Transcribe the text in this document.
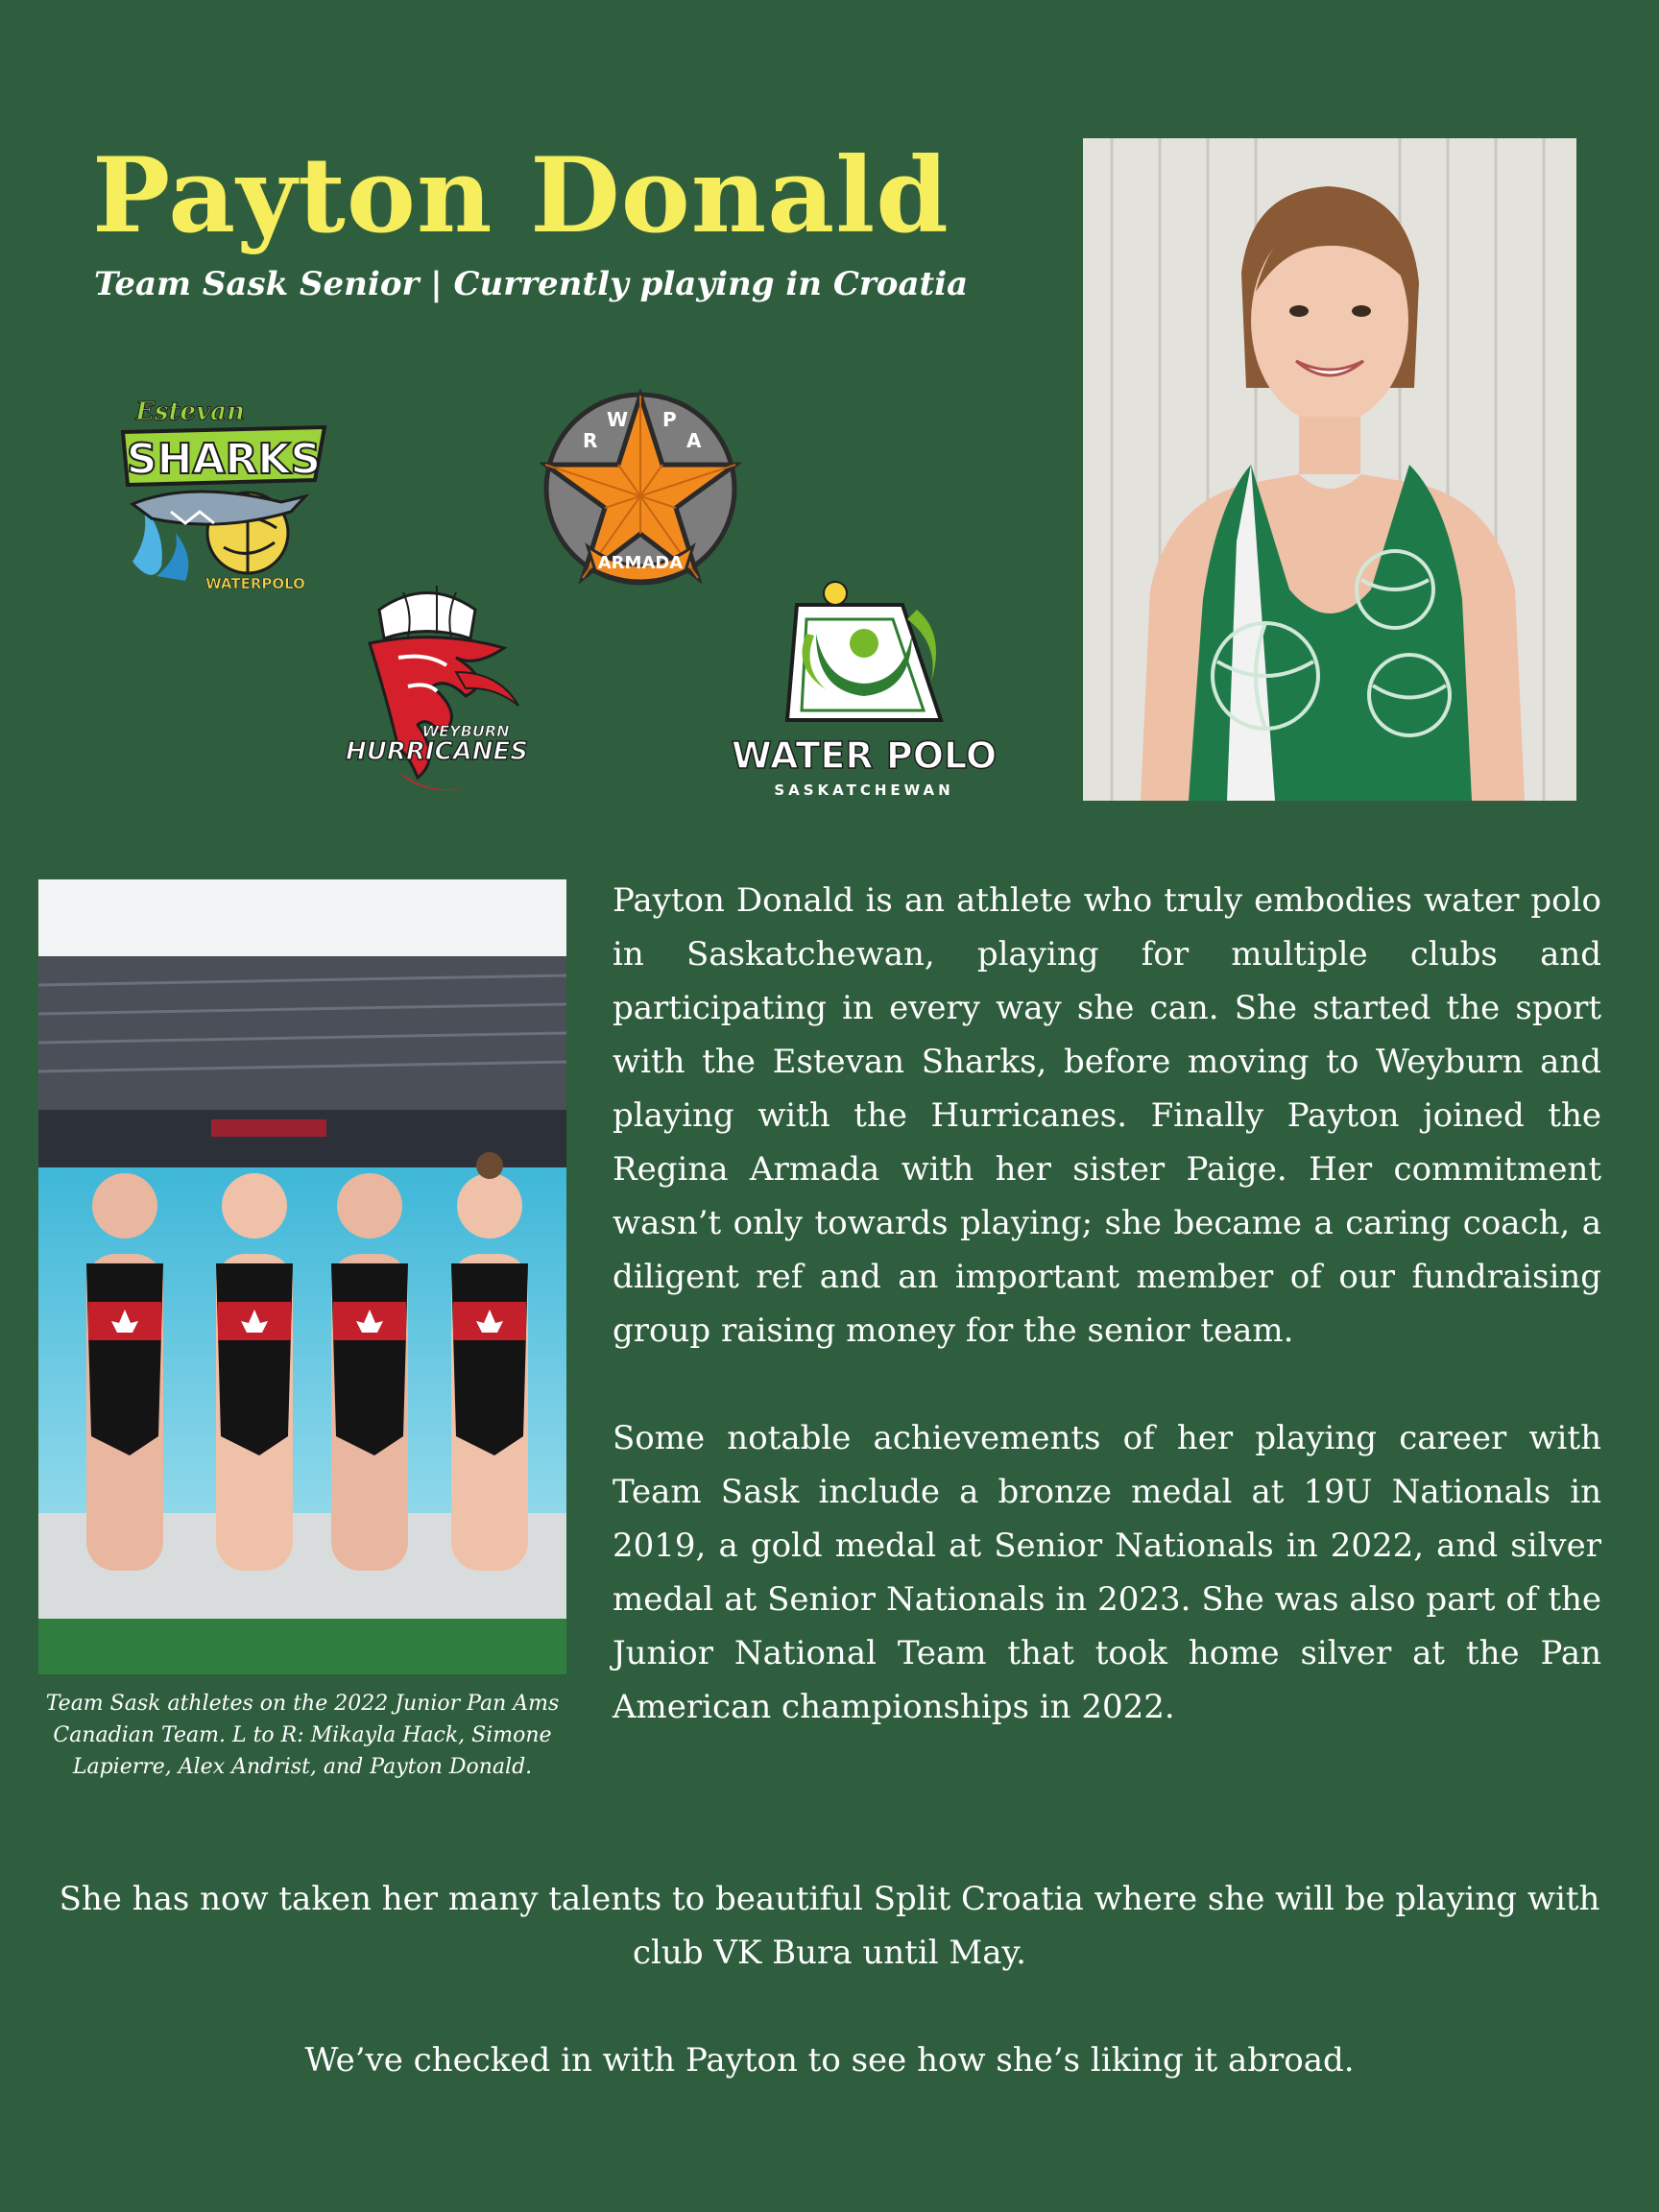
Payton Donald
Team Sask Senior | Currently playing in Croatia
SHARKS
Estevan
WATERPOLO
R
W P
A
ARMADA
WEYBURN
HURRICANES	WATER POLO
SASKATCHEWAN
Team Sask athletes on the 2022 Junior Pan Ams Canadian Team. L to R: Mikayla Hack, Simone Lapierre, Alex Andrist, and Payton Donald.

Payton Donald is an athlete who truly embodies water polo in Saskatchewan, playing for multiple clubs and participating in every way she can. She started the sport with the Estevan Sharks, before moving to Weyburn and playing with the Hurricanes. Finally Payton joined the Regina Armada with her sister Paige. Her commitment wasn’t only towards playing; she became a caring coach, a diligent ref and an important member of our fundraising group raising money for the senior team.

Some notable achievements of her playing career with Team Sask include a bronze medal at 19U Nationals in 2019, a gold medal at Senior Nationals in 2022, and silver medal at Senior Nationals in 2023. She was also part of the Junior National Team that took home silver at the Pan American championships in 2022.

She has now taken her many talents to beautiful Split Croatia where she will be playing with club VK Bura until May.

We’ve checked in with Payton to see how she’s liking it abroad.
